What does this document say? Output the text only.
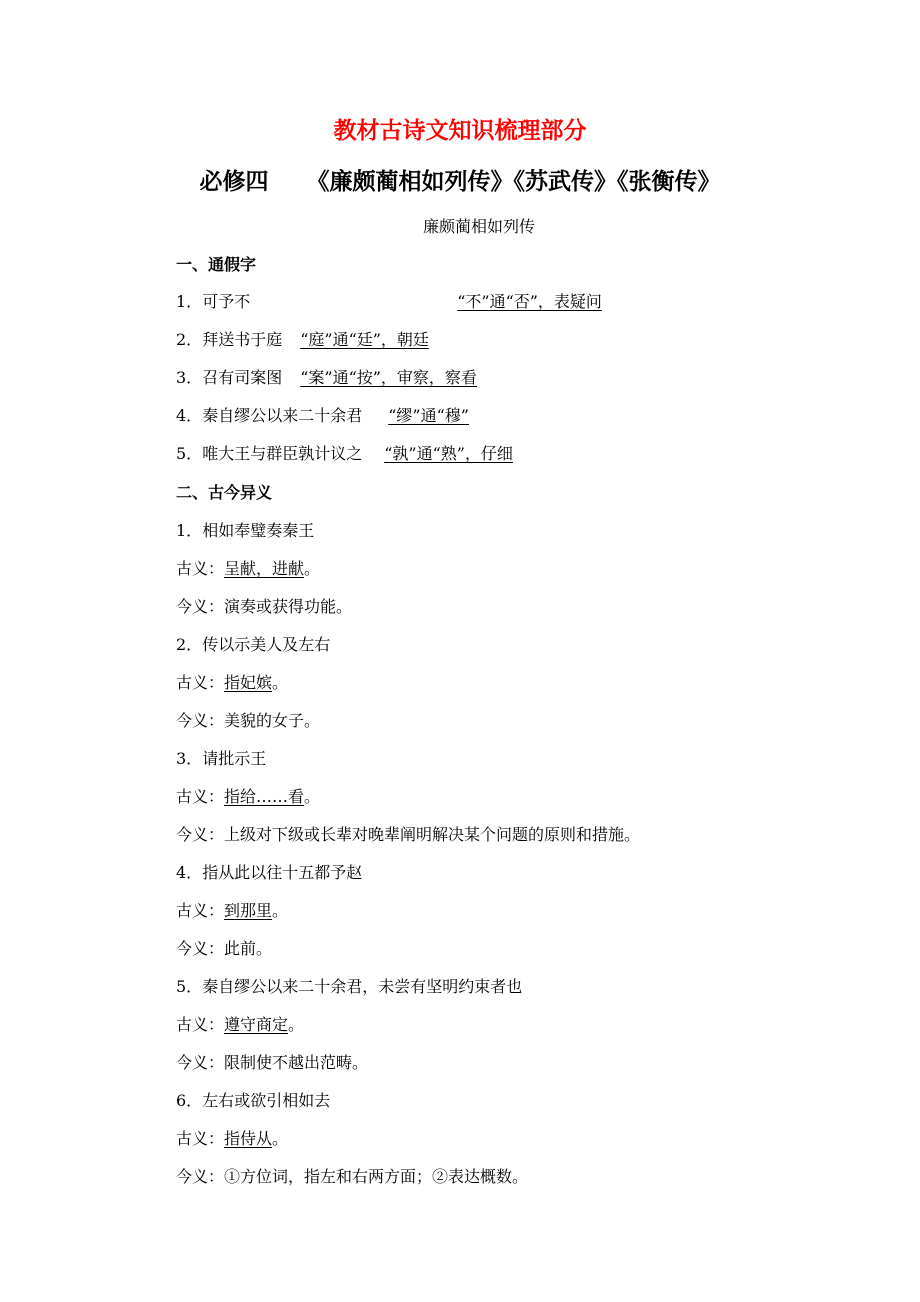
教材古诗文知识梳理部分
必修四 《廉颇蔺相如列传》《苏武传》《张衡传》
廉颇蔺相如列传
一、通假字
1．可予不	“不”通“否”，表疑问
2．拜送书于庭 “庭”通“廷”，朝廷
3．召有司案图 “案”通“按”，审察，察看
4．秦自缪公以来二十余君 “缪”通“穆”
5．唯大王与群臣孰计议之 “孰”通“熟”，仔细
二、古今异义
1．相如奉璧奏秦王
古义：呈献，进献。
今义：演奏或获得功能。
2．传以示美人及左右
古义：指妃嫔。
今义：美貌的女子。
3．请批示王
古义：指给……看。
今义：上级对下级或长辈对晚辈阐明解决某个问题的原则和措施。
4．指从此以往十五都予赵
古义：到那里。
今义：此前。
5．秦自缪公以来二十余君，未尝有坚明约束者也
古义：遵守商定。
今义：限制使不越出范畴。
6．左右或欲引相如去
古义：指侍从。
今义：①方位词，指左和右两方面；②表达概数。
